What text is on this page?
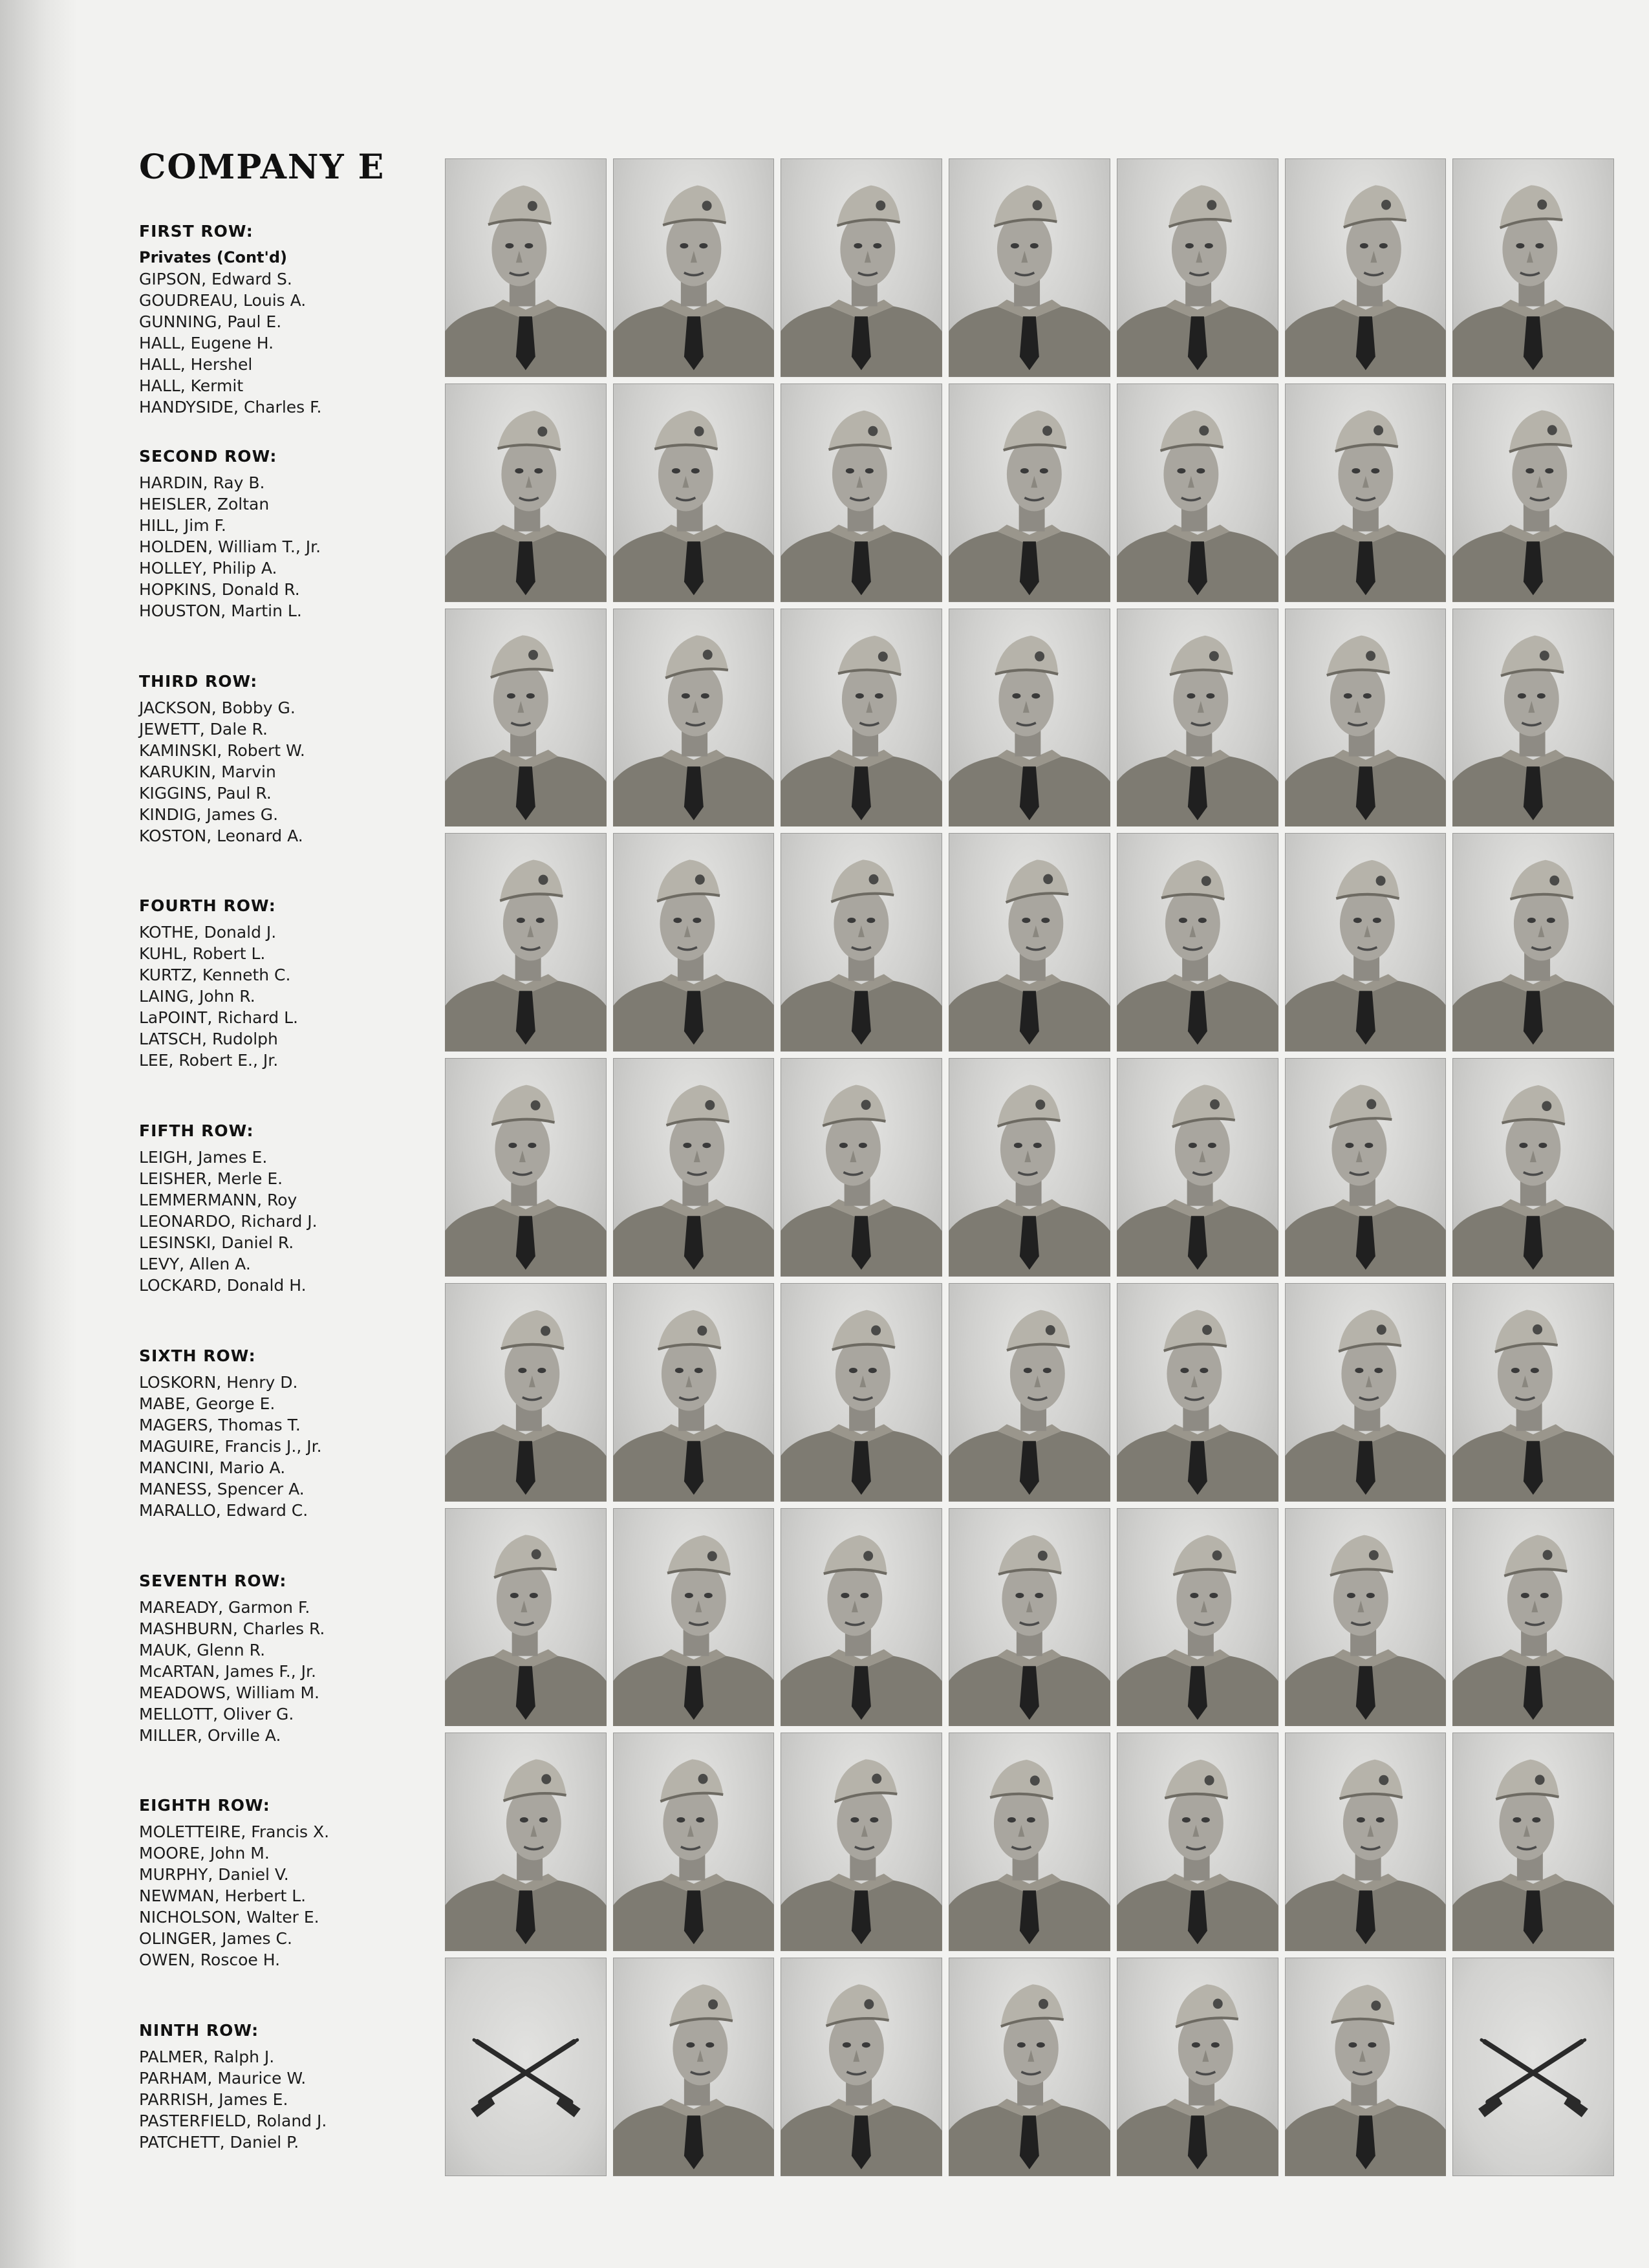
COMPANY E
FIRST ROW:
Privates (Cont'd)
GIPSON, Edward S.
GOUDREAU, Louis A.
GUNNING, Paul E.
HALL, Eugene H.
HALL, Hershel
HALL, Kermit
HANDYSIDE, Charles F.
SECOND ROW:
HARDIN, Ray B.
HEISLER, Zoltan
HILL, Jim F.
HOLDEN, William T., Jr.
HOLLEY, Philip A.
HOPKINS, Donald R.
HOUSTON, Martin L.
THIRD ROW:
JACKSON, Bobby G.
JEWETT, Dale R.
KAMINSKI, Robert W.
KARUKIN, Marvin
KIGGINS, Paul R.
KINDIG, James G.
KOSTON, Leonard A.
FOURTH ROW:
KOTHE, Donald J.
KUHL, Robert L.
KURTZ, Kenneth C.
LAING, John R.
LaPOINT, Richard L.
LATSCH, Rudolph
LEE, Robert E., Jr.
FIFTH ROW:
LEIGH, James E.
LEISHER, Merle E.
LEMMERMANN, Roy
LEONARDO, Richard J.
LESINSKI, Daniel R.
LEVY, Allen A.
LOCKARD, Donald H.
SIXTH ROW:
LOSKORN, Henry D.
MABE, George E.
MAGERS, Thomas T.
MAGUIRE, Francis J., Jr.
MANCINI, Mario A.
MANESS, Spencer A.
MARALLO, Edward C.
SEVENTH ROW:
MAREADY, Garmon F.
MASHBURN, Charles R.
MAUK, Glenn R.
McARTAN, James F., Jr.
MEADOWS, William M.
MELLOTT, Oliver G.
MILLER, Orville A.
EIGHTH ROW:
MOLETTEIRE, Francis X.
MOORE, John M.
MURPHY, Daniel V.
NEWMAN, Herbert L.
NICHOLSON, Walter E.
OLINGER, James C.
OWEN, Roscoe H.
NINTH ROW:
PALMER, Ralph J.
PARHAM, Maurice W.
PARRISH, James E.
PASTERFIELD, Roland J.
PATCHETT, Daniel P.
